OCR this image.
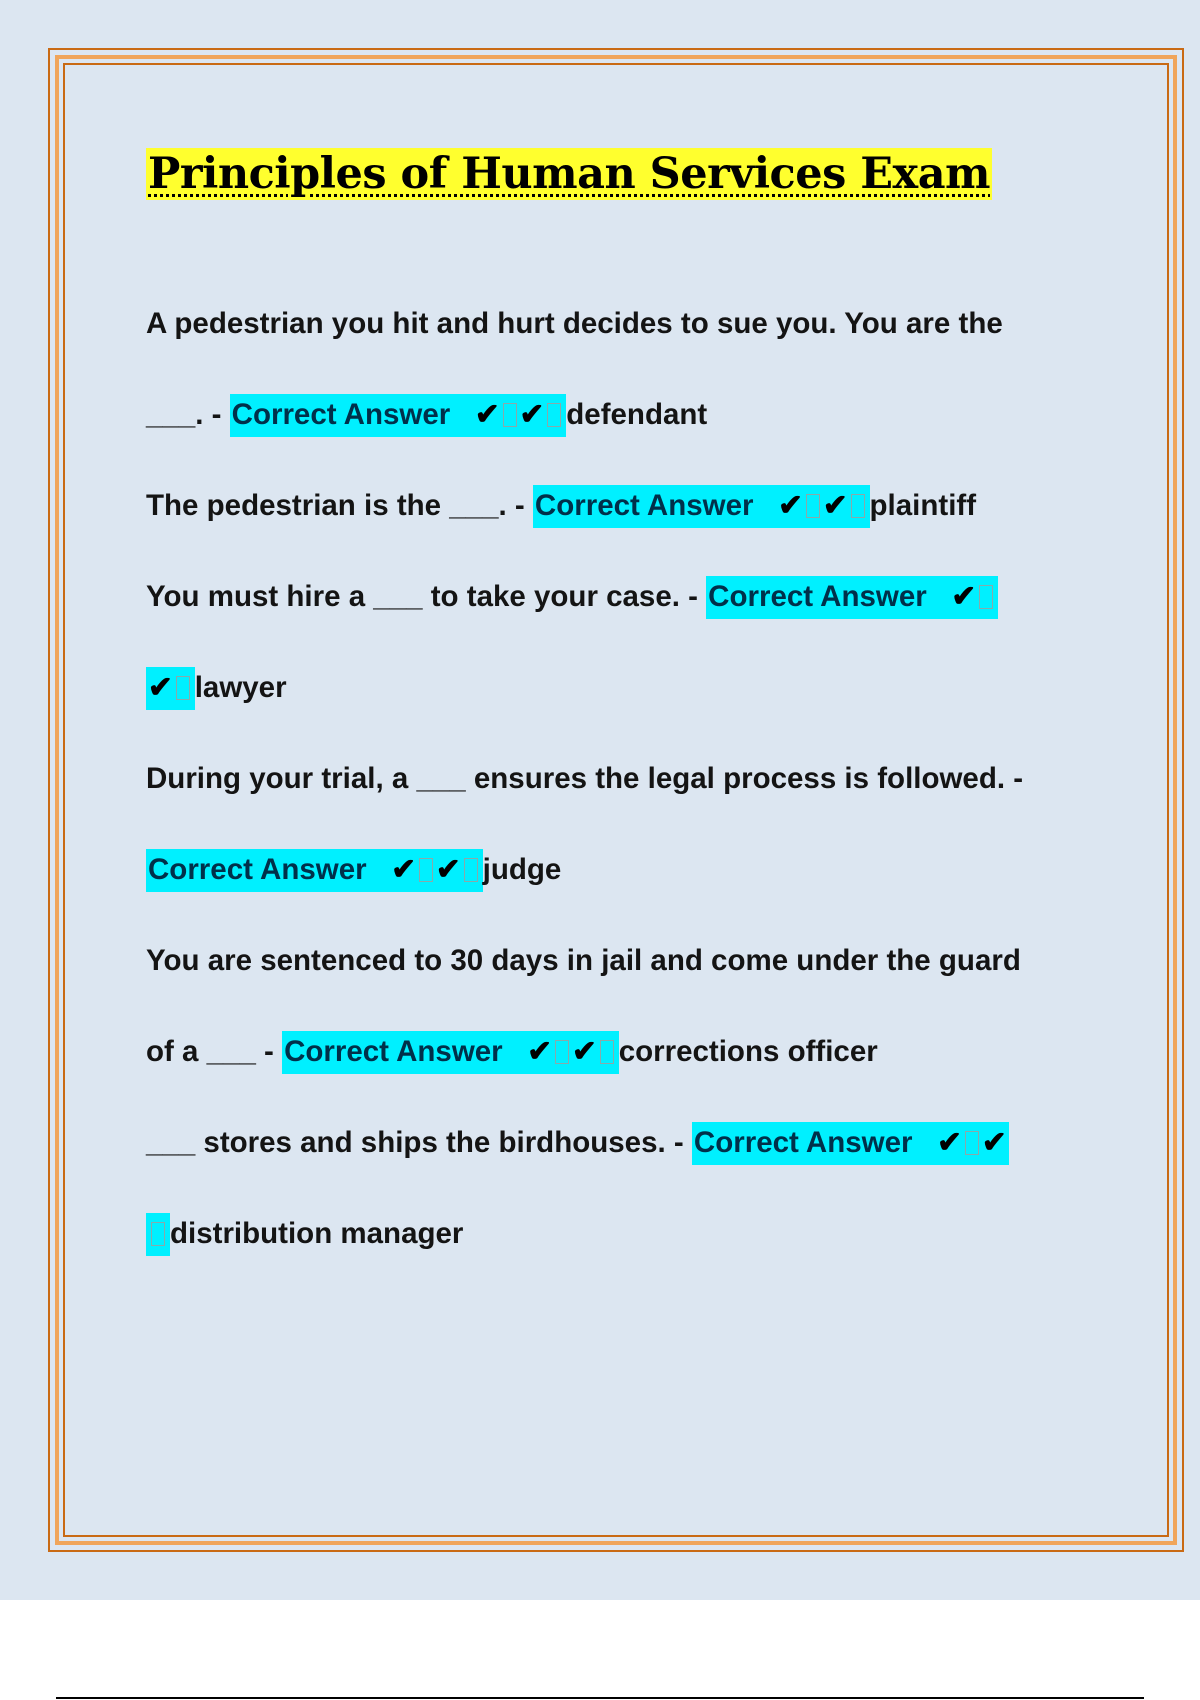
Principles of Human Services Exam

A pedestrian you hit and hurt decides to sue you. You are the

___. - Correct Answer ✔ ✔ defendant

The pedestrian is the ___. - Correct Answer ✔ ✔ plaintiff

You must hire a ___ to take your case. - Correct Answer ✔

✔ lawyer

During your trial, a ___ ensures the legal process is followed. -

Correct Answer ✔ ✔ judge

You are sentenced to 30 days in jail and come under the guard

of a ___ - Correct Answer ✔ ✔ corrections officer

___ stores and ships the birdhouses. - Correct Answer ✔ ✔

distribution manager
